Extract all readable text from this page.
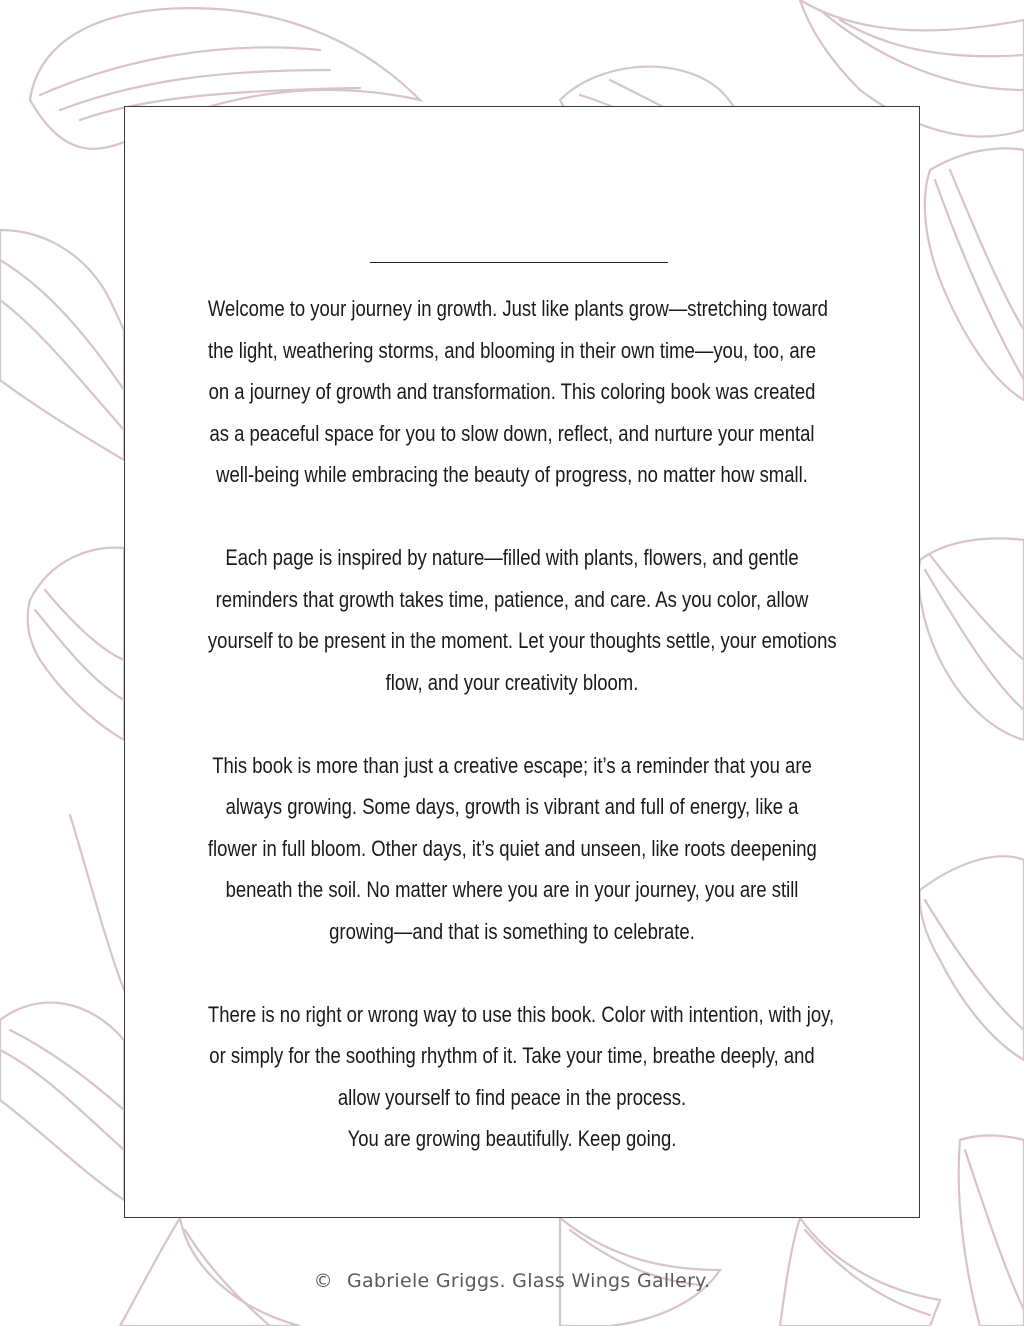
Welcome to your journey in growth. Just like plants grow—stretching toward
the light, weathering storms, and blooming in their own time—you, too, are
on a journey of growth and transformation. This coloring book was created
as a peaceful space for you to slow down, reflect, and nurture your mental
well-being while embracing the beauty of progress, no matter how small.
Each page is inspired by nature—filled with plants, flowers, and gentle
reminders that growth takes time, patience, and care. As you color, allow
yourself to be present in the moment. Let your thoughts settle, your emotions
flow, and your creativity bloom.
This book is more than just a creative escape; it’s a reminder that you are
always growing. Some days, growth is vibrant and full of energy, like a
flower in full bloom. Other days, it’s quiet and unseen, like roots deepening
beneath the soil. No matter where you are in your journey, you are still
growing—and that is something to celebrate.
There is no right or wrong way to use this book. Color with intention, with joy,
or simply for the soothing rhythm of it. Take your time, breathe deeply, and
allow yourself to find peace in the process.
You are growing beautifully. Keep going.
© Gabriele Griggs. Glass Wings Gallery.
